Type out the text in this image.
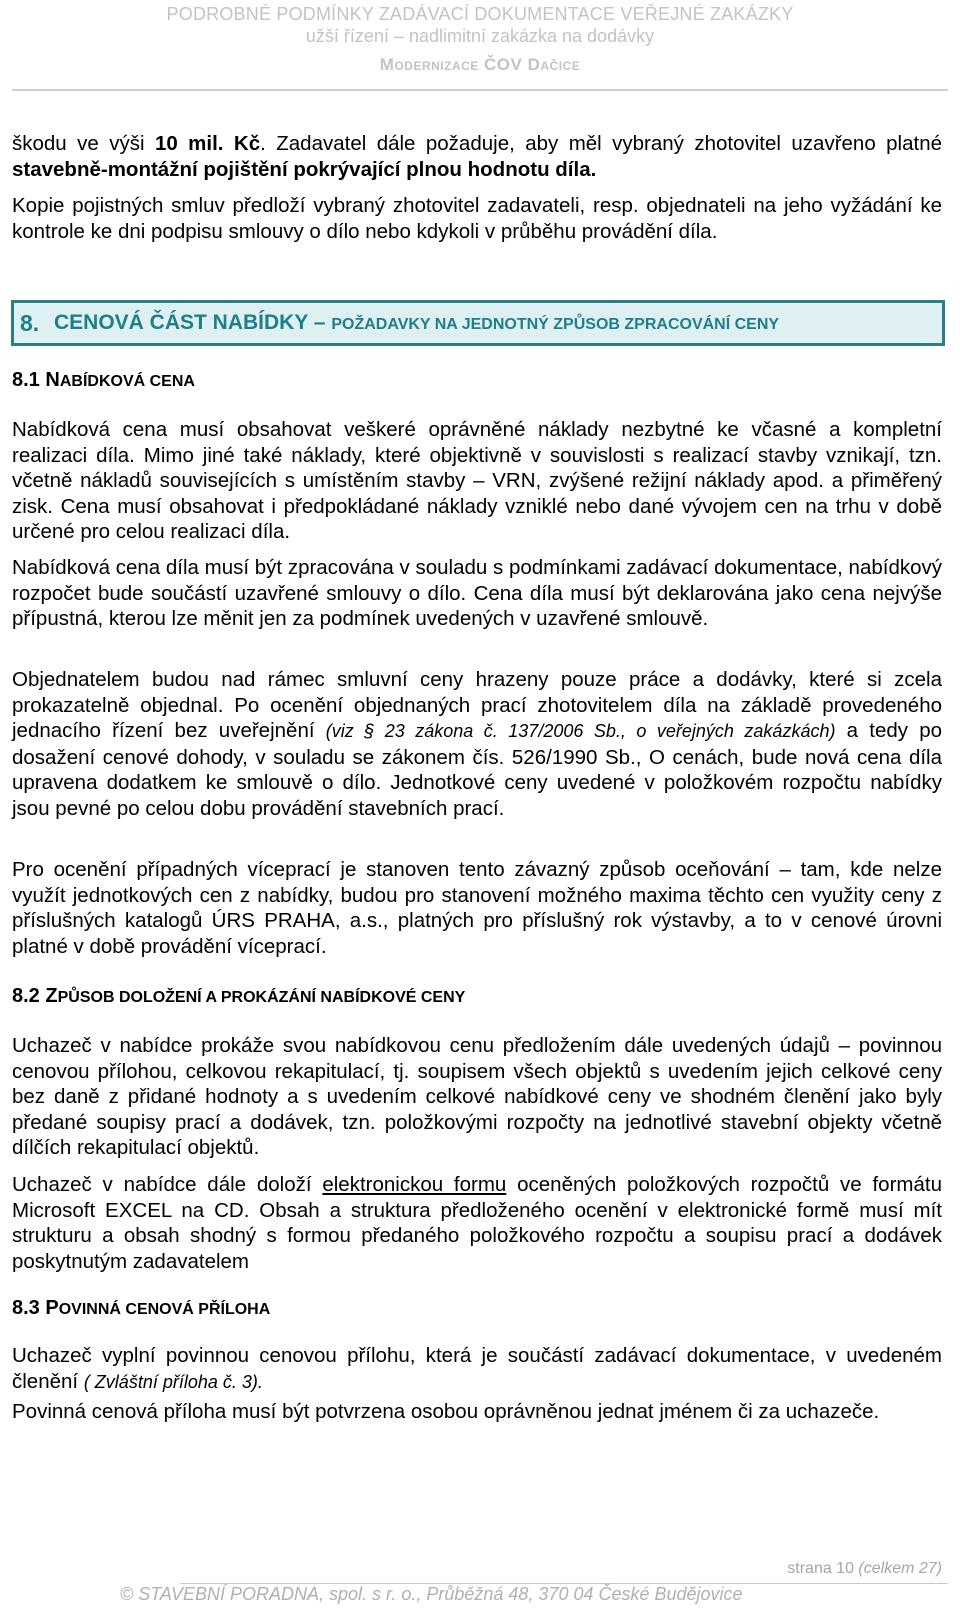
PODROBNÉ PODMÍNKY ZADÁVACÍ DOKUMENTACE VEŘEJNÉ ZAKÁZKY
užší řízení – nadlimitní zakázka na dodávky
Modernizace ČOV Dačice
škodu ve výši 10 mil. Kč. Zadavatel dále požaduje, aby měl vybraný zhotovitel uzavřeno platné stavebně-montážní pojištění pokrývající plnou hodnotu díla.
Kopie pojistných smluv předloží vybraný zhotovitel zadavateli, resp. objednateli na jeho vyžádání ke kontrole ke dni podpisu smlouvy o dílo nebo kdykoli v průběhu provádění díla.
8. CENOVÁ ČÁST NABÍDKY – POŽADAVKY NA JEDNOTNÝ ZPŮSOB ZPRACOVÁNÍ CENY
8.1 NABÍDKOVÁ CENA
Nabídková cena musí obsahovat veškeré oprávněné náklady nezbytné ke včasné a kompletní realizaci díla. Mimo jiné také náklady, které objektivně v souvislosti s realizací stavby vznikají, tzn. včetně nákladů souvisejících s umístěním stavby – VRN, zvýšené režijní náklady apod. a přiměřený zisk. Cena musí obsahovat i předpokládané náklady vzniklé nebo dané vývojem cen na trhu v době určené pro celou realizaci díla.
Nabídková cena díla musí být zpracována v souladu s podmínkami zadávací dokumentace, nabídkový rozpočet bude součástí uzavřené smlouvy o dílo. Cena díla musí být deklarována jako cena nejvýše přípustná, kterou lze měnit jen za podmínek uvedených v uzavřené smlouvě.
Objednatelem budou nad rámec smluvní ceny hrazeny pouze práce a dodávky, které si zcela prokazatelně objednal. Po ocenění objednaných prací zhotovitelem díla na základě provedeného jednacího řízení bez uveřejnění (viz § 23 zákona č. 137/2006 Sb., o veřejných zakázkách) a tedy po dosažení cenové dohody, v souladu se zákonem čís. 526/1990 Sb., O cenách, bude nová cena díla upravena dodatkem ke smlouvě o dílo. Jednotkové ceny uvedené v položkovém rozpočtu nabídky jsou pevné po celou dobu provádění stavebních prací.
Pro ocenění případných víceprací je stanoven tento závazný způsob oceňování – tam, kde nelze využít jednotkových cen z nabídky, budou pro stanovení možného maxima těchto cen využity ceny z příslušných katalogů ÚRS PRAHA, a.s., platných pro příslušný rok výstavby, a to v cenové úrovni platné v době provádění víceprací.
8.2 ZPŮSOB DOLOŽENÍ A PROKÁZÁNÍ NABÍDKOVÉ CENY
Uchazeč v nabídce prokáže svou nabídkovou cenu předložením dále uvedených údajů – povinnou cenovou přílohou, celkovou rekapitulací, tj. soupisem všech objektů s uvedením jejich celkové ceny bez daně z přidané hodnoty a s uvedením celkové nabídkové ceny ve shodném členění jako byly předané soupisy prací a dodávek, tzn. položkovými rozpočty na jednotlivé stavební objekty včetně dílčích rekapitulací objektů.
Uchazeč v nabídce dále doloží elektronickou formu oceněných položkových rozpočtů ve formátu Microsoft EXCEL na CD. Obsah a struktura předloženého ocenění v elektronické formě musí mít strukturu a obsah shodný s formou předaného položkového rozpočtu a soupisu prací a dodávek poskytnutým zadavatelem
8.3 POVINNÁ CENOVÁ PŘÍLOHA
Uchazeč vyplní povinnou cenovou přílohu, která je součástí zadávací dokumentace, v uvedeném členění ( Zvláštní příloha č. 3).
Povinná cenová příloha musí být potvrzena osobou oprávněnou jednat jménem či za uchazeče.
strana 10 (celkem 27)
© STAVEBNÍ PORADNA, spol. s r. o., Průběžná 48, 370 04 České Budějovice
